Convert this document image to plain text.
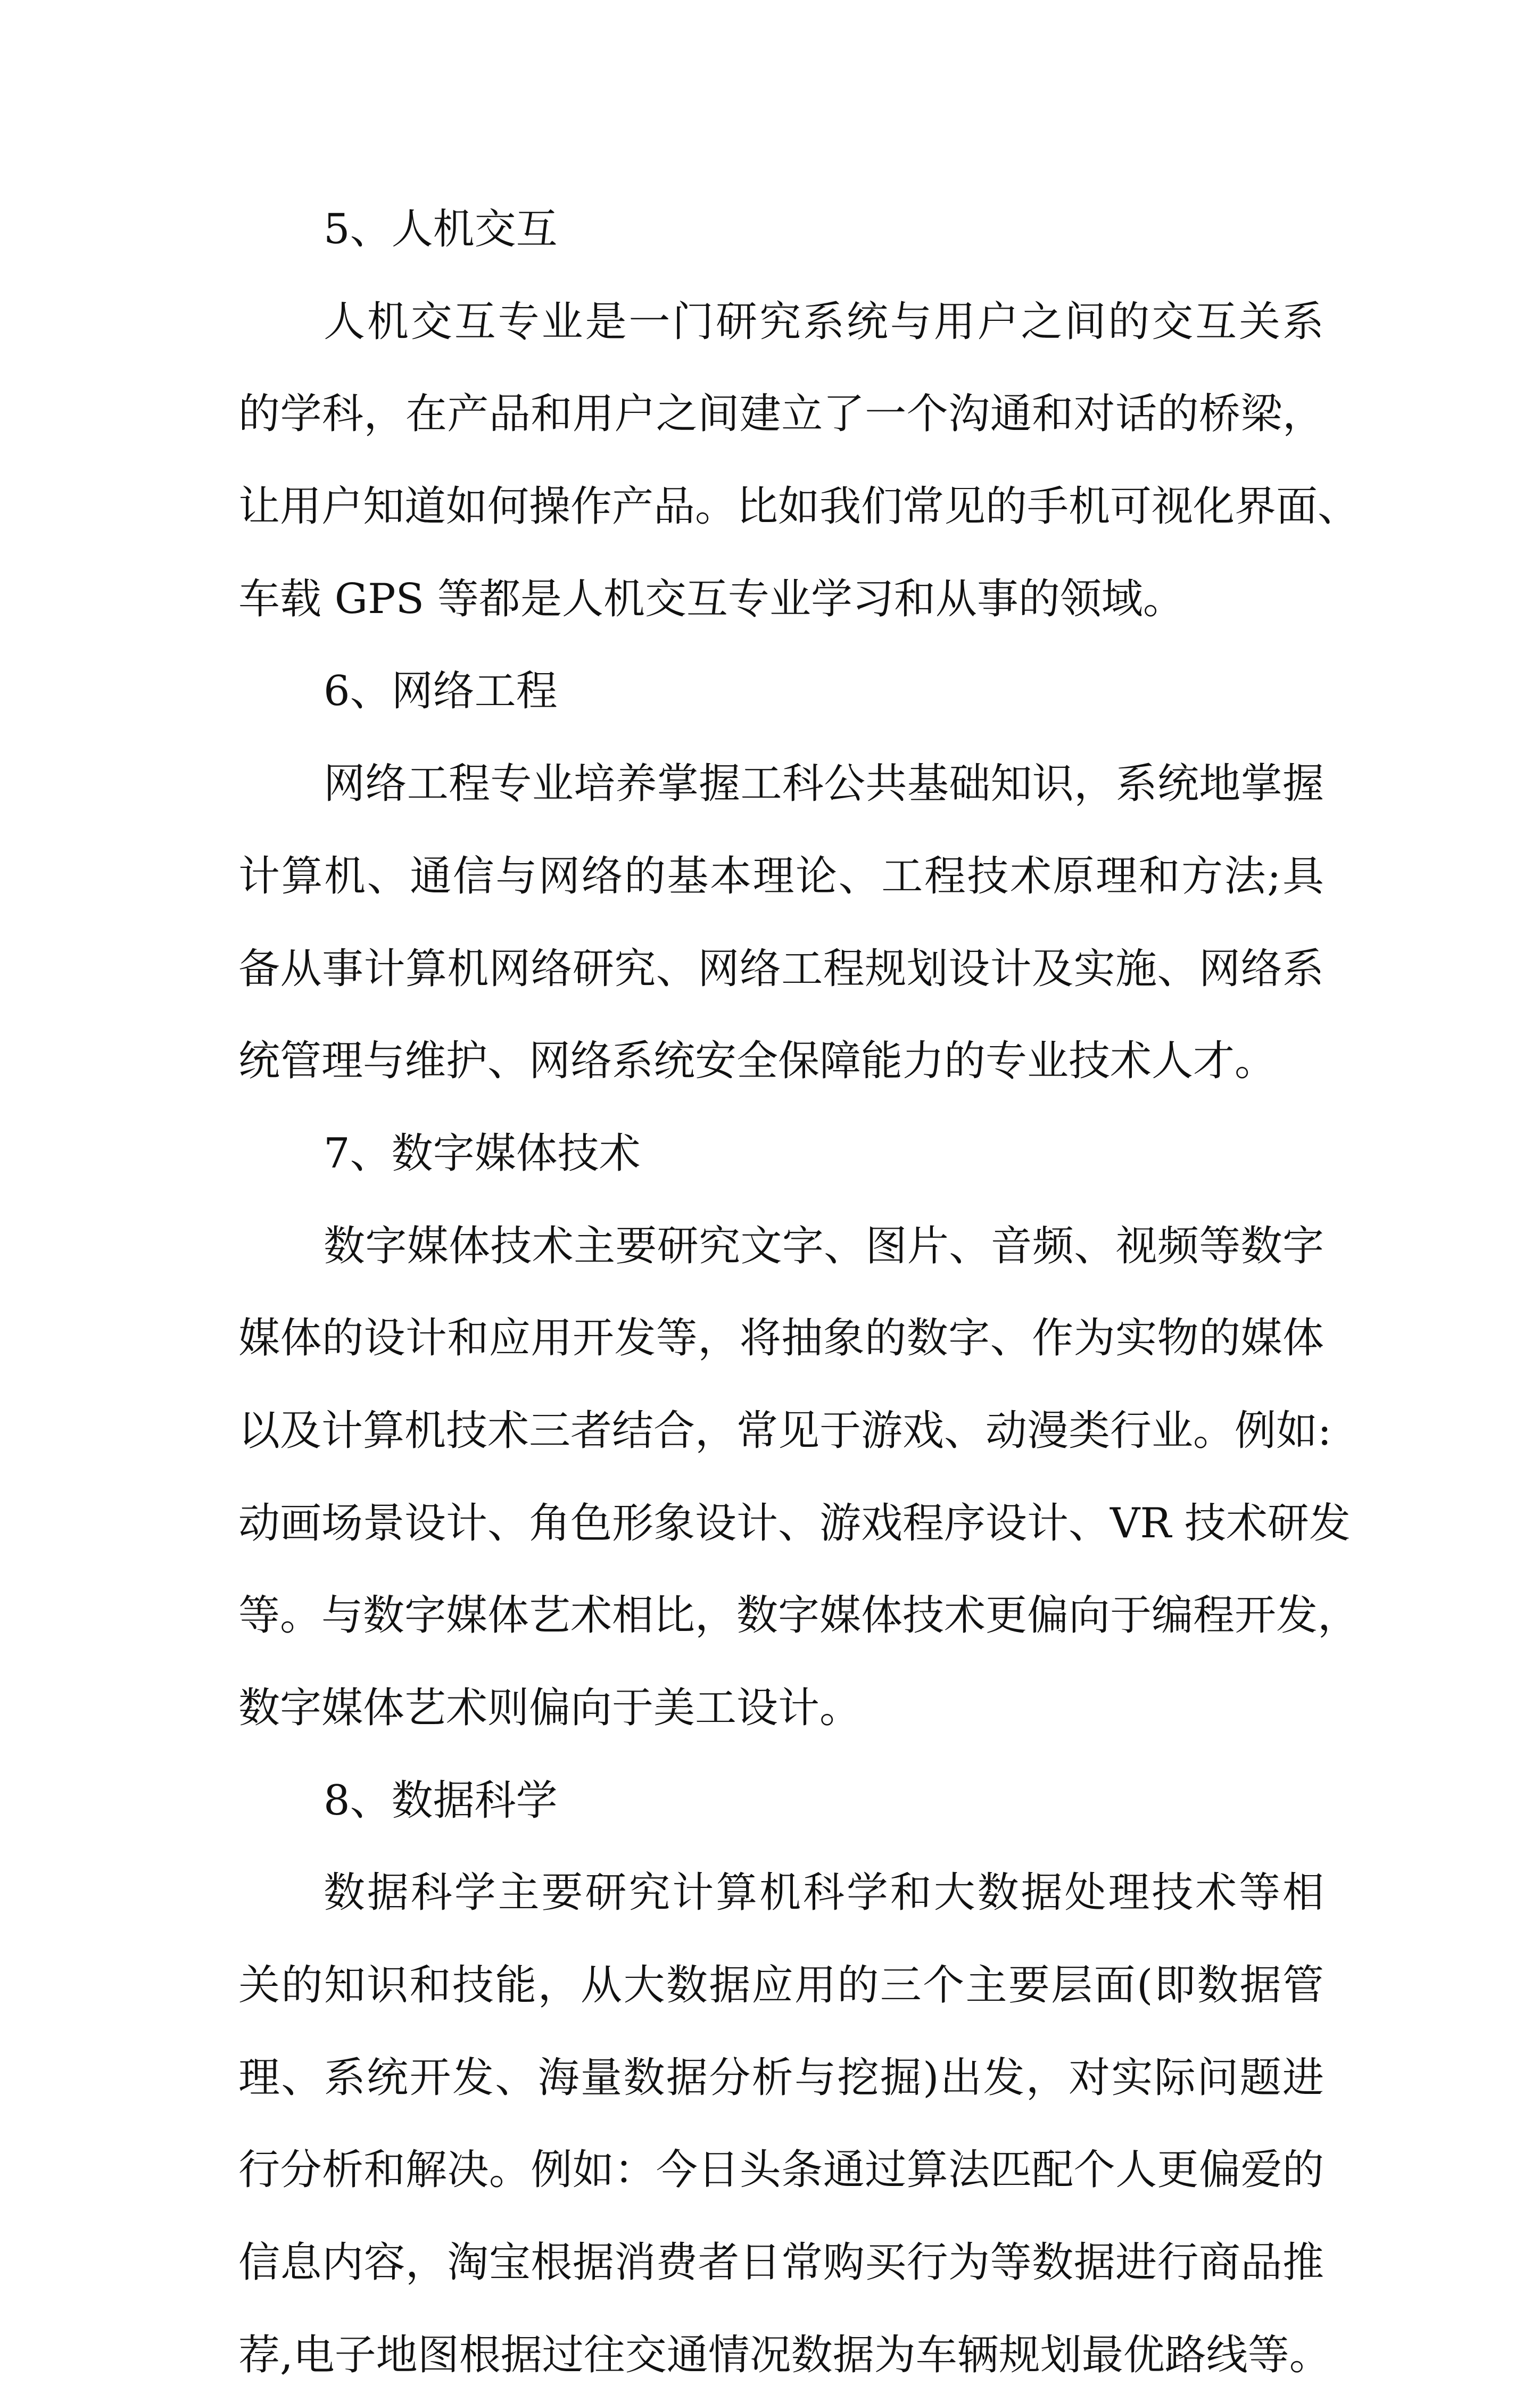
5、人机交互
人机交互专业是一门研究系统与用户之间的交互关系
的学科，在产品和用户之间建立了一个沟通和对话的桥梁，
让用户知道如何操作产品。比如我们常见的手机可视化界面、
车载 GPS 等都是人机交互专业学习和从事的领域。
6、网络工程
网络工程专业培养掌握工科公共基础知识，系统地掌握
计算机、通信与网络的基本理论、工程技术原理和方法;具
备从事计算机网络研究、网络工程规划设计及实施、网络系
统管理与维护、网络系统安全保障能力的专业技术人才。
7、数字媒体技术
数字媒体技术主要研究文字、图片、音频、视频等数字
媒体的设计和应用开发等，将抽象的数字、作为实物的媒体
以及计算机技术三者结合，常见于游戏、动漫类行业。例如:
动画场景设计、角色形象设计、游戏程序设计、VR 技术研发
等。与数字媒体艺术相比，数字媒体技术更偏向于编程开发，
数字媒体艺术则偏向于美工设计。
8、数据科学
数据科学主要研究计算机科学和大数据处理技术等相
关的知识和技能，从大数据应用的三个主要层面(即数据管
理、系统开发、海量数据分析与挖掘)出发，对实际问题进
行分析和解决。例如：今日头条通过算法匹配个人更偏爱的
信息内容，淘宝根据消费者日常购买行为等数据进行商品推
荐,电子地图根据过往交通情况数据为车辆规划最优路线等。
